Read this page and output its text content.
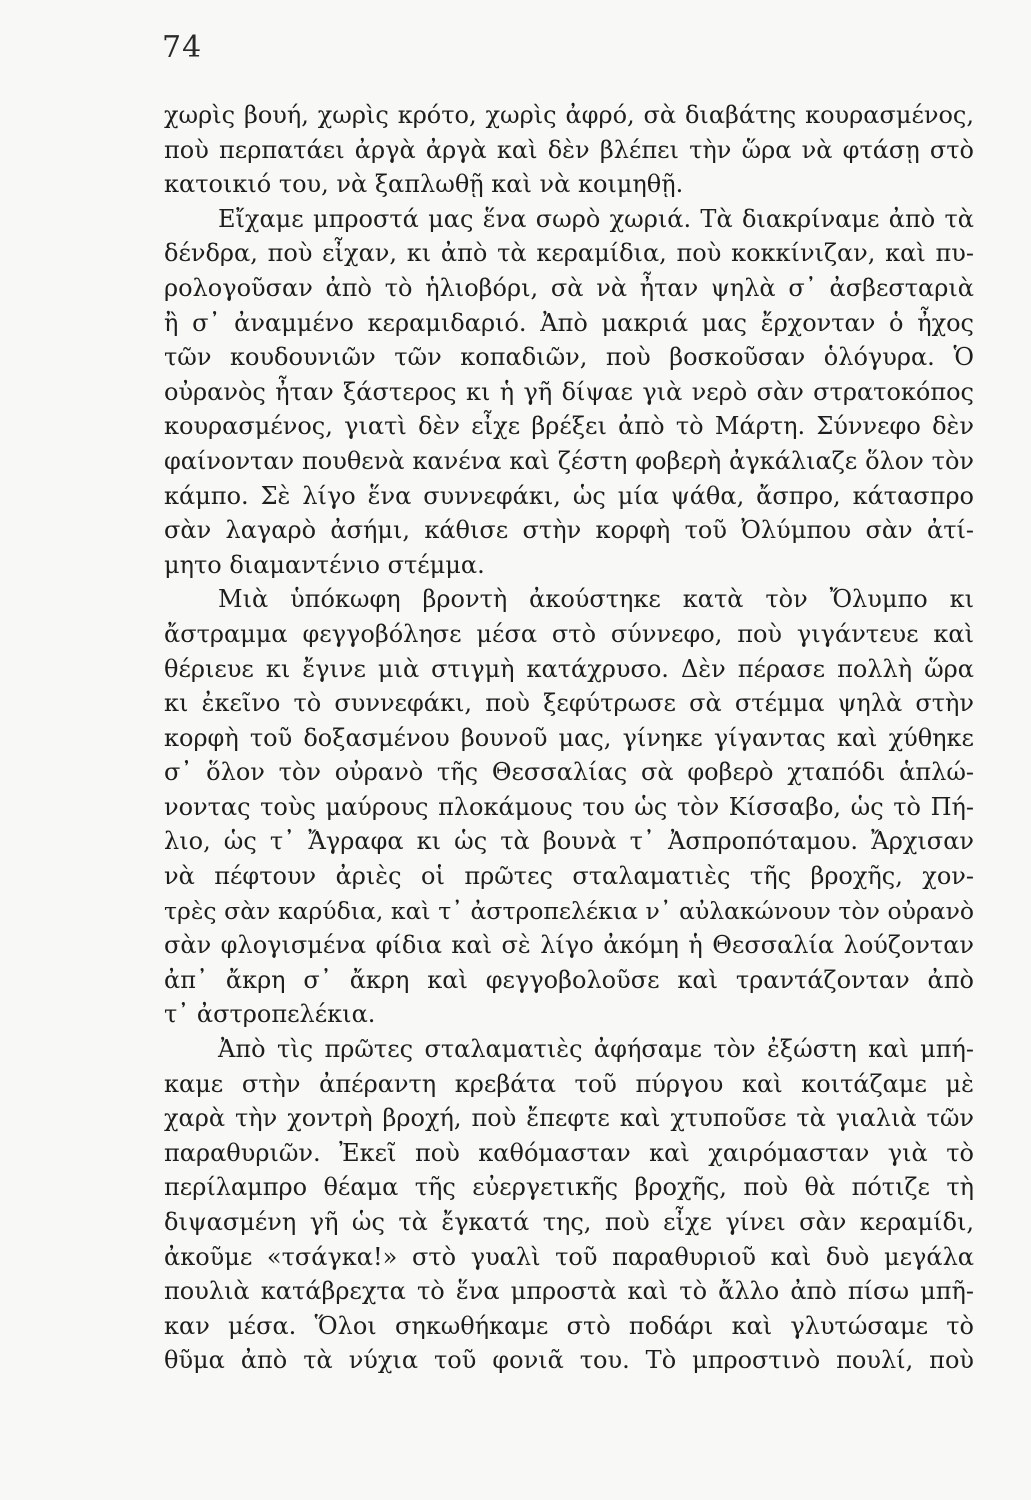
74
χωρὶς βουή, χωρὶς κρότο, χωρὶς ἀφρό, σὰ διαβάτης κουρασμένος,
ποὺ περπατάει ἀργὰ ἀργὰ καὶ δὲν βλέπει τὴν ὥρα νὰ φτάσῃ στὸ
κατοικιό του, νὰ ξαπλωθῇ καὶ νὰ κοιμηθῇ.
Εἴχαμε μπροστά μας ἕνα σωρὸ χωριά. Τὰ διακρίναμε ἀπὸ τὰ
δένδρα, ποὺ εἶχαν, κι ἀπὸ τὰ κεραμίδια, ποὺ κοκκίνιζαν, καὶ πυ-
ρολογοῦσαν ἀπὸ τὸ ἡλιοβόρι, σὰ νὰ ἦταν ψηλὰ σ᾽ ἀσβεσταριὰ
ἢ σ᾽ ἀναμμένο κεραμιδαριό. Ἀπὸ μακριά μας ἔρχονταν ὁ ἦχος
τῶν κουδουνιῶν τῶν κοπαδιῶν, ποὺ βοσκοῦσαν ὁλόγυρα. Ὁ
οὐρανὸς ἦταν ξάστερος κι ἡ γῆ δίψαε γιὰ νερὸ σὰν στρατοκόπος
κουρασμένος, γιατὶ δὲν εἶχε βρέξει ἀπὸ τὸ Μάρτη. Σύννεφο δὲν
φαίνονταν πουθενὰ κανένα καὶ ζέστη φοβερὴ ἀγκάλιαζε ὅλον τὸν
κάμπο. Σὲ λίγο ἕνα συννεφάκι, ὡς μία ψάθα, ἄσπρο, κάτασπρο
σὰν λαγαρὸ ἀσήμι, κάθισε στὴν κορφὴ τοῦ Ὀλύμπου σὰν ἀτί-
μητο διαμαντένιο στέμμα.
Μιὰ ὑπόκωφη βροντὴ ἀκούστηκε κατὰ τὸν Ὄλυμπο κι
ἄστραμμα φεγγοβόλησε μέσα στὸ σύννεφο, ποὺ γιγάντευε καὶ
θέριευε κι ἔγινε μιὰ στιγμὴ κατάχρυσο. Δὲν πέρασε πολλὴ ὥρα
κι ἐκεῖνο τὸ συννεφάκι, ποὺ ξεφύτρωσε σὰ στέμμα ψηλὰ στὴν
κορφὴ τοῦ δοξασμένου βουνοῦ μας, γίνηκε γίγαντας καὶ χύθηκε
σ᾽ ὅλον τὸν οὐρανὸ τῆς Θεσσαλίας σὰ φοβερὸ χταπόδι ἁπλώ-
νοντας τοὺς μαύρους πλοκάμους του ὡς τὸν Κίσσαβο, ὡς τὸ Πή-
λιο, ὡς τ᾽ Ἄγραφα κι ὡς τὰ βουνὰ τ᾽ Ἀσπροπόταμου. Ἄρχισαν
νὰ πέφτουν ἀριὲς οἱ πρῶτες σταλαματιὲς τῆς βροχῆς, χον-
τρὲς σὰν καρύδια, καὶ τ᾽ ἀστροπελέκια ν᾽ αὐλακώνουν τὸν οὐρανὸ
σὰν φλογισμένα φίδια καὶ σὲ λίγο ἀκόμη ἡ Θεσσαλία λούζονταν
ἀπ᾽ ἄκρη σ᾽ ἄκρη καὶ φεγγοβολοῦσε καὶ τραντάζονταν ἀπὸ
τ᾽ ἀστροπελέκια.
Ἀπὸ τὶς πρῶτες σταλαματιὲς ἀφήσαμε τὸν ἐξώστη καὶ μπή-
καμε στὴν ἀπέραντη κρεβάτα τοῦ πύργου καὶ κοιτάζαμε μὲ
χαρὰ τὴν χοντρὴ βροχή, ποὺ ἔπεφτε καὶ χτυποῦσε τὰ γιαλιὰ τῶν
παραθυριῶν. Ἐκεῖ ποὺ καθόμασταν καὶ χαιρόμασταν γιὰ τὸ
περίλαμπρο θέαμα τῆς εὐεργετικῆς βροχῆς, ποὺ θὰ πότιζε τὴ
διψασμένη γῆ ὡς τὰ ἔγκατά της, ποὺ εἶχε γίνει σὰν κεραμίδι,
ἀκοῦμε «τσάγκα!» στὸ γυαλὶ τοῦ παραθυριοῦ καὶ δυὸ μεγάλα
πουλιὰ κατάβρεχτα τὸ ἕνα μπροστὰ καὶ τὸ ἄλλο ἀπὸ πίσω μπῆ-
καν μέσα. Ὅλοι σηκωθήκαμε στὸ ποδάρι καὶ γλυτώσαμε τὸ
θῦμα ἀπὸ τὰ νύχια τοῦ φονιᾶ του. Τὸ μπροστινὸ πουλί, ποὺ
